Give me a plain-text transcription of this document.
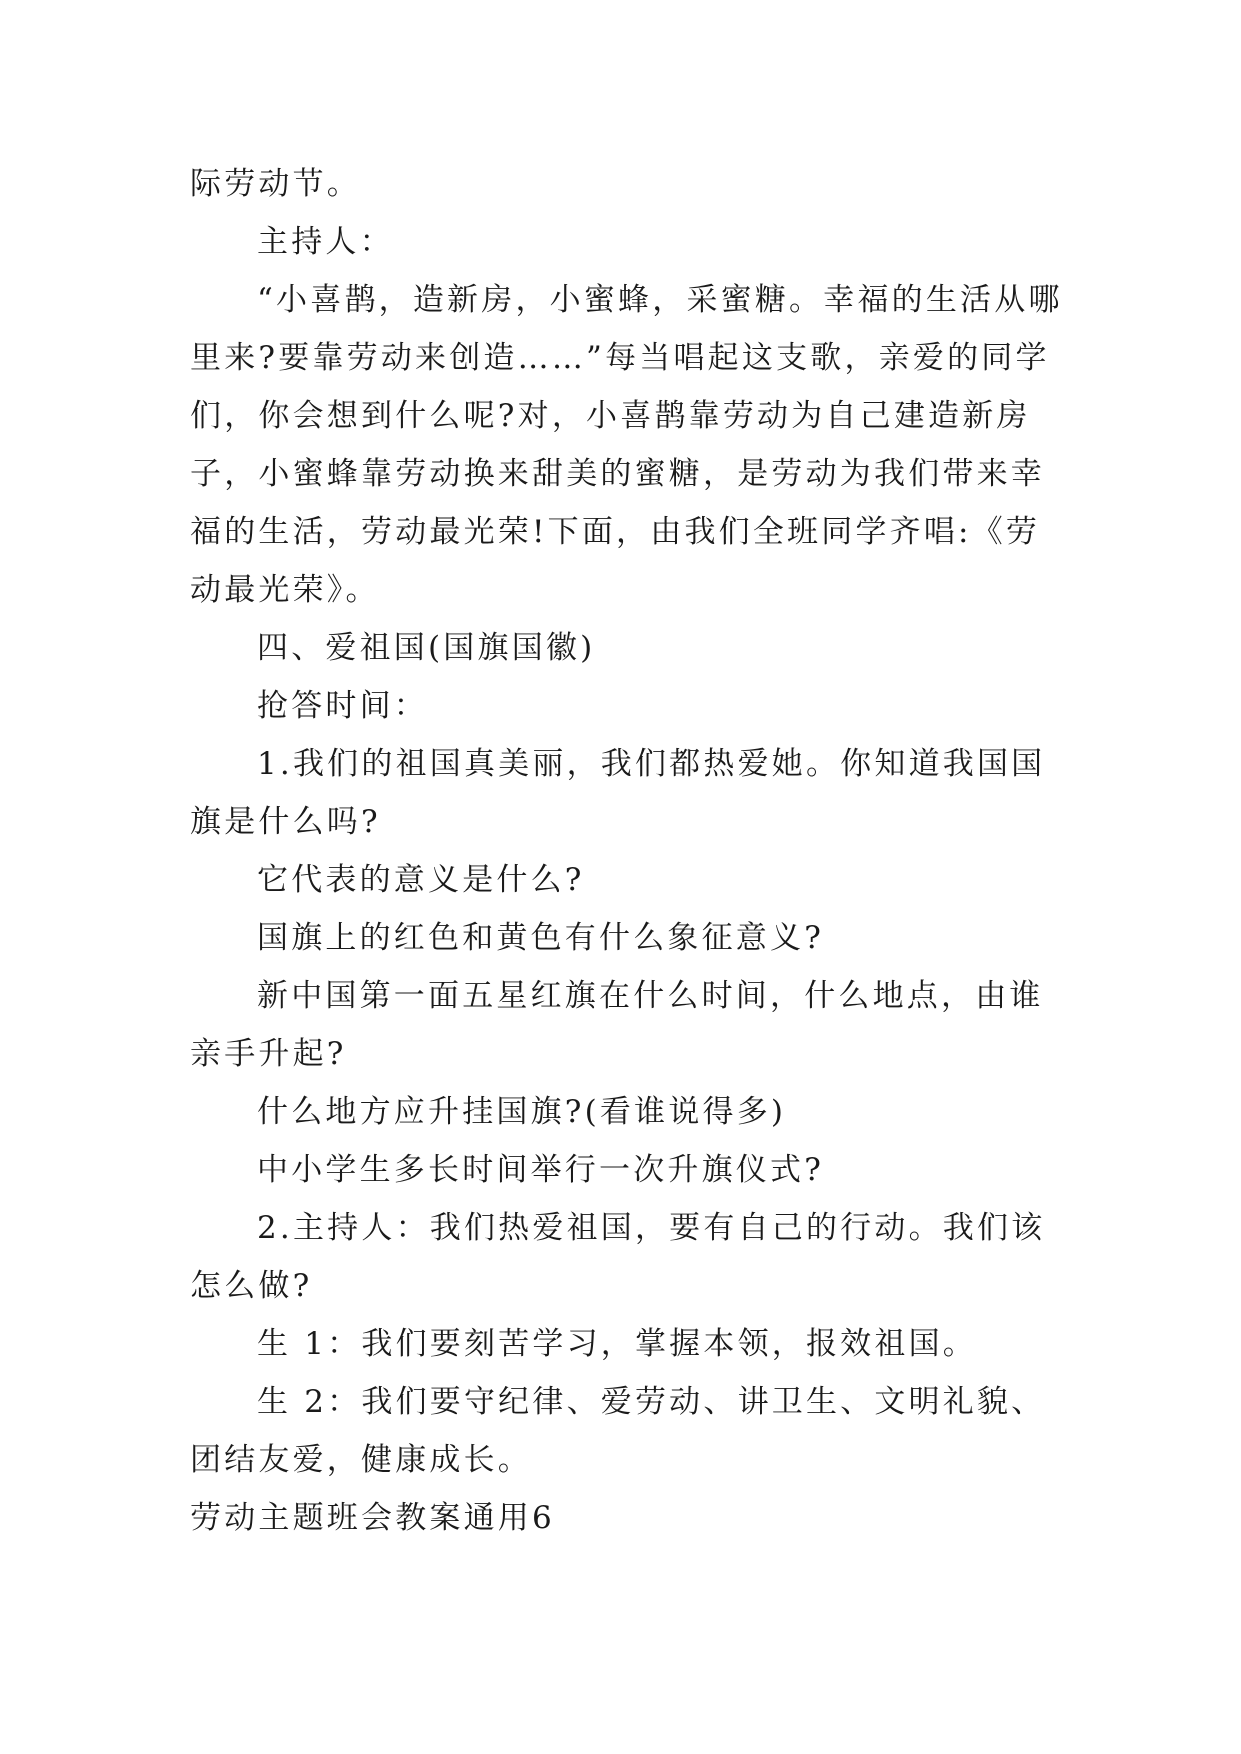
际劳动节。

主持人：

“小喜鹊，造新房，小蜜蜂，采蜜糖。幸福的生活从哪里来?要靠劳动来创造……”每当唱起这支歌，亲爱的同学们，你会想到什么呢?对，小喜鹊靠劳动为自己建造新房子，小蜜蜂靠劳动换来甜美的蜜糖，是劳动为我们带来幸福的生活，劳动最光荣!下面，由我们全班同学齐唱:《劳动最光荣》。

四、爱祖国(国旗国徽)

抢答时间：

1.我们的祖国真美丽，我们都热爱她。你知道我国国旗是什么吗?

它代表的意义是什么?

国旗上的红色和黄色有什么象征意义?

新中国第一面五星红旗在什么时间，什么地点，由谁亲手升起?

什么地方应升挂国旗?(看谁说得多)

中小学生多长时间举行一次升旗仪式?

2.主持人：我们热爱祖国，要有自己的行动。我们该怎么做?

生 1：我们要刻苦学习，掌握本领，报效祖国。

生 2：我们要守纪律、爱劳动、讲卫生、文明礼貌、团结友爱，健康成长。

劳动主题班会教案通用6
